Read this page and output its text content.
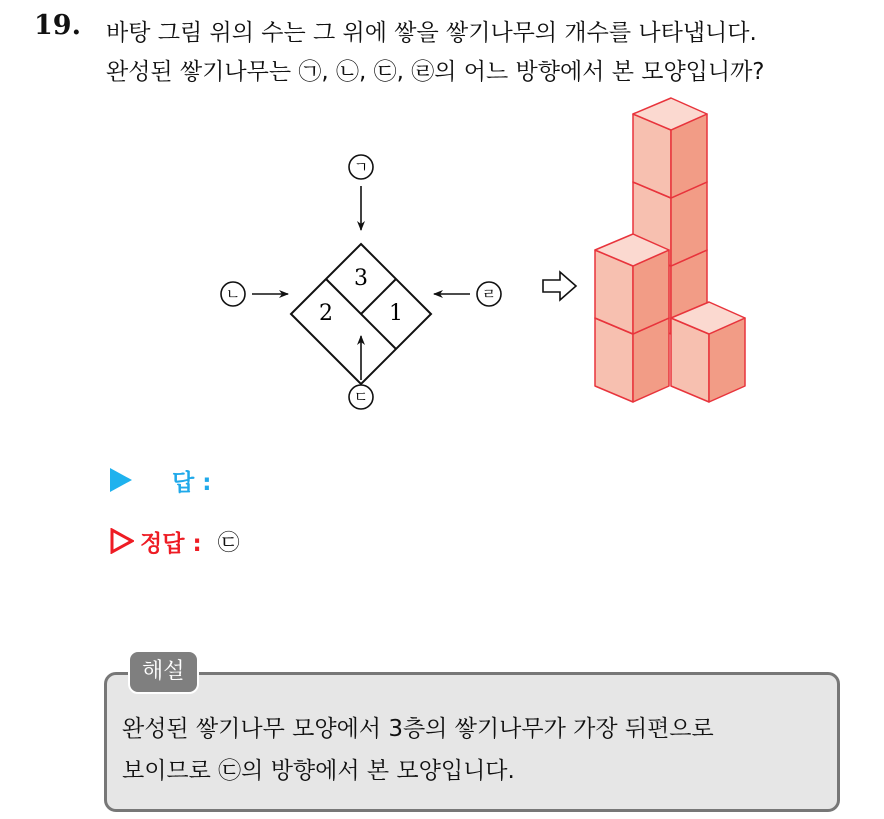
19. 바탕 그림 위의 수는 그 위에 쌓을 쌓기나무의 개수를 나타냅니다.
완성된 쌓기나무는 ㉠, ㉡, ㉢, ㉣의 어느 방향에서 본 모양입니까?
3
2	1
ㄱ
ㄴ
ㄷ
ㄹ
답 :
정답 : ㉢
해설
완성된 쌓기나무 모양에서 3층의 쌓기나무가 가장 뒤편으로
보이므로 ㉢의 방향에서 본 모양입니다.
